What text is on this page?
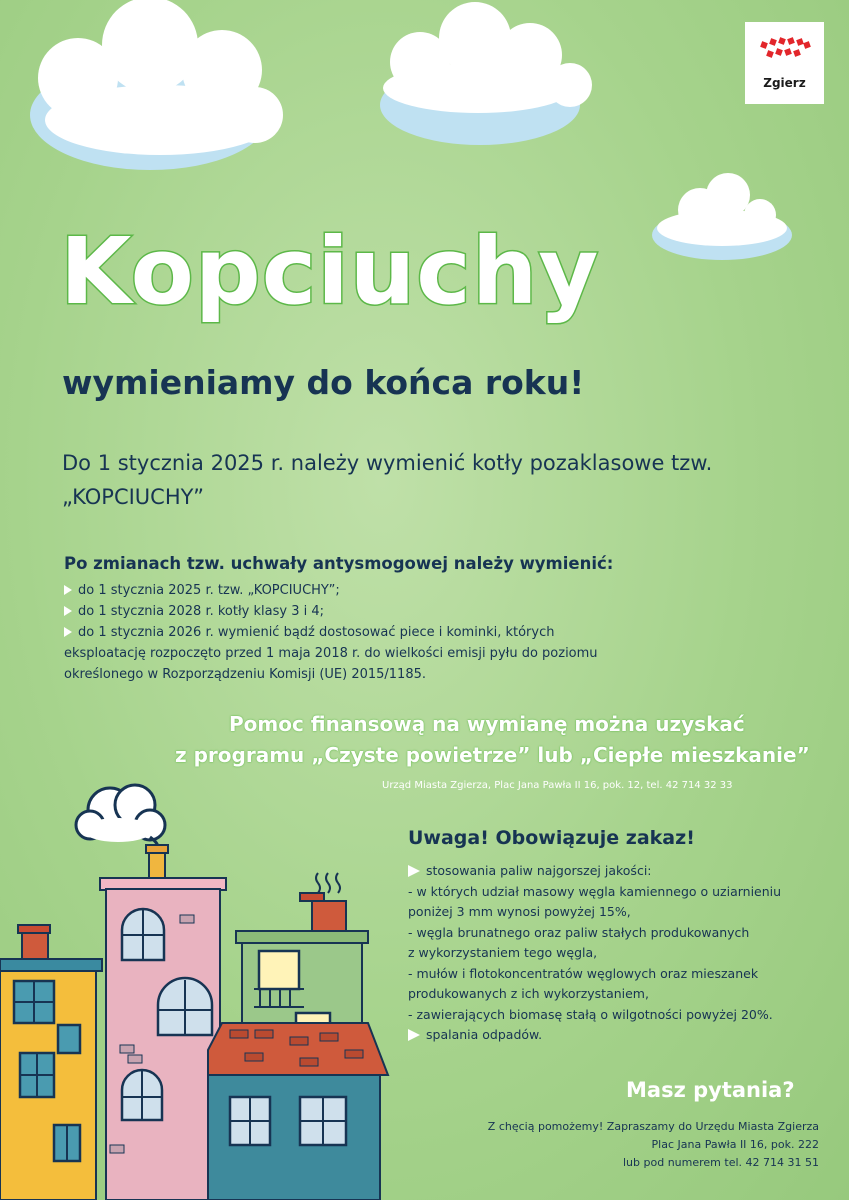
Zgierz
Kopciuchy
wymieniamy do końca roku!
Do 1 stycznia 2025 r. należy wymienić kotły pozaklasowe tzw.
„KOPCIUCHY”
Po zmianach tzw. uchwały antysmogowej należy wymienić:
do 1 stycznia 2025 r. tzw. „KOPCIUCHY”;
do 1 stycznia 2028 r. kotły klasy 3 i 4;
do 1 stycznia 2026 r. wymienić bądź dostosować piece i kominki, których
eksploatację rozpoczęto przed 1 maja 2018 r. do wielkości emisji pyłu do poziomu
określonego w Rozporządzeniu Komisji (UE) 2015/1185.
Pomoc finansową na wymianę można uzyskać
z programu „Czyste powietrze” lub „Ciepłe mieszkanie”
Urząd Miasta Zgierza, Plac Jana Pawła II 16, pok. 12, tel. 42 714 32 33
Uwaga! Obowiązuje zakaz!
stosowania paliw najgorszej jakości:
- w których udział masowy węgla kamiennego o uziarnieniu
poniżej 3 mm wynosi powyżej 15%,
- węgla brunatnego oraz paliw stałych produkowanych
z wykorzystaniem tego węgla,
- mułów i flotokoncentratów węglowych oraz mieszanek
produkowanych z ich wykorzystaniem,
- zawierających biomasę stałą o wilgotności powyżej 20%.
spalania odpadów.
Masz pytania?
Z chęcią pomożemy! Zapraszamy do Urzędu Miasta Zgierza
Plac Jana Pawła II 16, pok. 222
lub pod numerem tel. 42 714 31 51
